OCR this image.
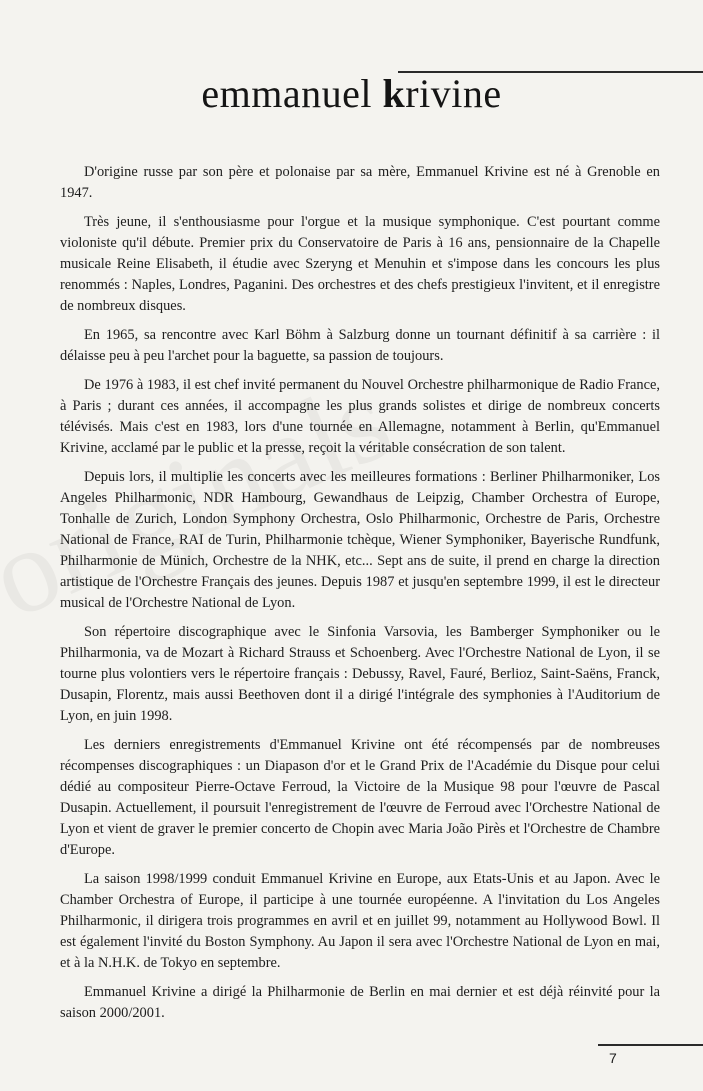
emmanuel krivine

D'origine russe par son père et polonaise par sa mère, Emmanuel Krivine est né à Grenoble en 1947.

Très jeune, il s'enthousiasme pour l'orgue et la musique symphonique. C'est pourtant comme violoniste qu'il débute. Premier prix du Conservatoire de Paris à 16 ans, pensionnaire de la Chapelle musicale Reine Elisabeth, il étudie avec Szeryng et Menuhin et s'impose dans les concours les plus renommés : Naples, Londres, Paganini. Des orchestres et des chefs prestigieux l'invitent, et il enregistre de nombreux disques.

En 1965, sa rencontre avec Karl Böhm à Salzburg donne un tournant définitif à sa carrière : il délaisse peu à peu l'archet pour la baguette, sa passion de toujours.

De 1976 à 1983, il est chef invité permanent du Nouvel Orchestre philharmonique de Radio France, à Paris ; durant ces années, il accompagne les plus grands solistes et dirige de nombreux concerts télévisés. Mais c'est en 1983, lors d'une tournée en Allemagne, notamment à Berlin, qu'Emmanuel Krivine, acclamé par le public et la presse, reçoit la véritable consécration de son talent.

Depuis lors, il multiplie les concerts avec les meilleures formations : Berliner Philharmoniker, Los Angeles Philharmonic, NDR Hambourg, Gewandhaus de Leipzig, Chamber Orchestra of Europe, Tonhalle de Zurich, London Symphony Orchestra, Oslo Philharmonic, Orchestre de Paris, Orchestre National de France, RAI de Turin, Philharmonie tchèque, Wiener Symphoniker, Bayerische Rundfunk, Philharmonie de Münich, Orchestre de la NHK, etc... Sept ans de suite, il prend en charge la direction artistique de l'Orchestre Français des jeunes. Depuis 1987 et jusqu'en septembre 1999, il est le directeur musical de l'Orchestre National de Lyon.

Son répertoire discographique avec le Sinfonia Varsovia, les Bamberger Symphoniker ou le Philharmonia, va de Mozart à Richard Strauss et Schoenberg. Avec l'Orchestre National de Lyon, il se tourne plus volontiers vers le répertoire français : Debussy, Ravel, Fauré, Berlioz, Saint-Saëns, Franck, Dusapin, Florentz, mais aussi Beethoven dont il a dirigé l'intégrale des symphonies à l'Auditorium de Lyon, en juin 1998.

Les derniers enregistrements d'Emmanuel Krivine ont été récompensés par de nombreuses récompenses discographiques : un Diapason d'or et le Grand Prix de l'Académie du Disque pour celui dédié au compositeur Pierre-Octave Ferroud, la Victoire de la Musique 98 pour l'œuvre de Pascal Dusapin. Actuellement, il poursuit l'enregistrement de l'œuvre de Ferroud avec l'Orchestre National de Lyon et vient de graver le premier concerto de Chopin avec Maria João Pirès et l'Orchestre de Chambre d'Europe.

La saison 1998/1999 conduit Emmanuel Krivine en Europe, aux Etats-Unis et au Japon. Avec le Chamber Orchestra of Europe, il participe à une tournée européenne. A l'invitation du Los Angeles Philharmonic, il dirigera trois programmes en avril et en juillet 99, notamment au Hollywood Bowl. Il est également l'invité du Boston Symphony. Au Japon il sera avec l'Orchestre National de Lyon en mai, et à la N.H.K. de Tokyo en septembre.

Emmanuel Krivine a dirigé la Philharmonie de Berlin en mai dernier et est déjà réinvité pour la saison 2000/2001.

7
